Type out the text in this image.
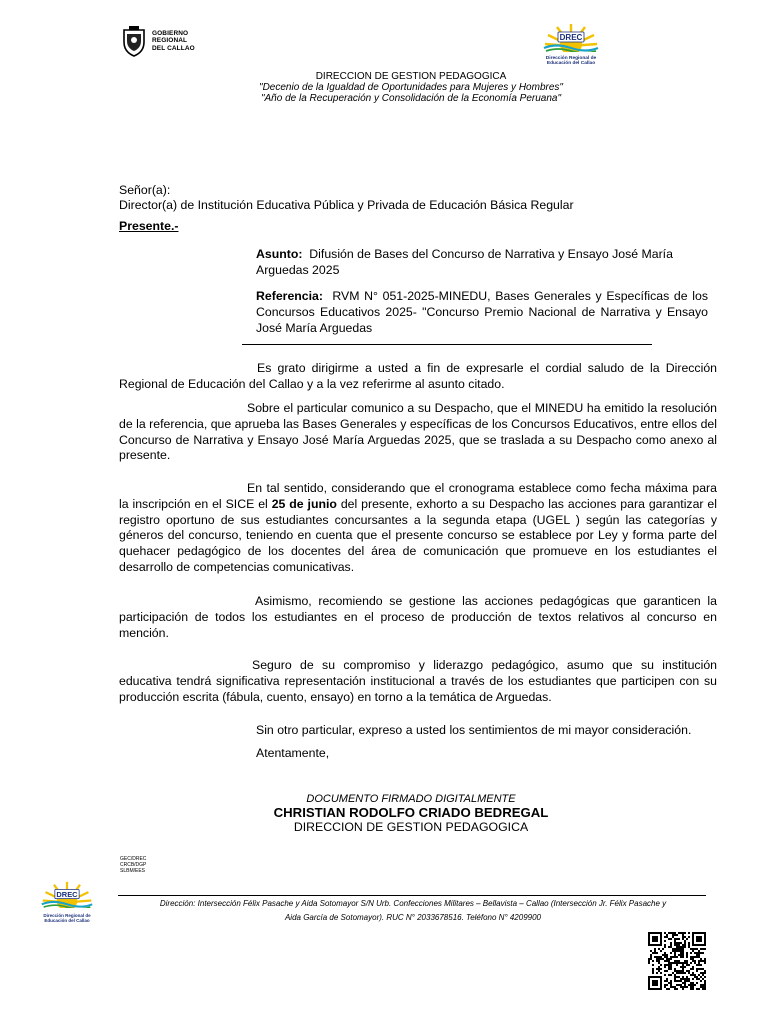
GOBIERNO
REGIONAL
DEL CALLAO
DREC
Dirección Regional de
Educación del Callao
DIRECCION DE GESTION PEDAGOGICA
"Decenio de la Igualdad de Oportunidades para Mujeres y Hombres"
"Año de la Recuperación y Consolidación de la Economía Peruana"
Señor(a):
Director(a) de Institución Educativa Pública y Privada de Educación Básica Regular
Presente.-
Asunto: Difusión de Bases del Concurso de Narrativa y Ensayo José María Arguedas 2025
Referencia: RVM N° 051-2025-MINEDU, Bases Generales y Específicas de los Concursos Educativos 2025- "Concurso Premio Nacional de Narrativa y Ensayo José María Arguedas
Es grato dirigirme a usted a fin de expresarle el cordial saludo de la Dirección Regional de Educación del Callao y a la vez referirme al asunto citado.
Sobre el particular comunico a su Despacho, que el MINEDU ha emitido la resolución de la referencia, que aprueba las Bases Generales y específicas de los Concursos Educativos, entre ellos del Concurso de Narrativa y Ensayo José María Arguedas 2025, que se traslada a su Despacho como anexo al presente.
En tal sentido, considerando que el cronograma establece como fecha máxima para la inscripción en el SICE el 25 de junio del presente, exhorto a su Despacho las acciones para garantizar el registro oportuno de sus estudiantes concursantes a la segunda etapa (UGEL ) según las categorías y géneros del concurso, teniendo en cuenta que el presente concurso se establece por Ley y forma parte del quehacer pedagógico de los docentes del área de comunicación que promueve en los estudiantes el desarrollo de competencias comunicativas.
Asimismo, recomiendo se gestione las acciones pedagógicas que garanticen la participación de todos los estudiantes en el proceso de producción de textos relativos al concurso en mención.
Seguro de su compromiso y liderazgo pedagógico, asumo que su institución educativa tendrá significativa representación institucional a través de los estudiantes que participen con su producción escrita (fábula, cuento, ensayo) en torno a la temática de Arguedas.
Sin otro particular, expreso a usted los sentimientos de mi mayor consideración.
Atentamente,
DOCUMENTO FIRMADO DIGITALMENTE
CHRISTIAN RODOLFO CRIADO BEDREGAL
DIRECCION DE GESTION PEDAGOGICA
GEC/DREC
CRCB/DGP
SLBM/EES
DREC
Dirección Regional de
Educación del Callao
Dirección: Intersección Félix Pasache y Aida Sotomayor S/N Urb. Confecciones Militares – Bellavista – Callao (Intersección Jr. Félix Pasache y
Aida García de Sotomayor). RUC N° 2033678516. Teléfono N° 4209900
